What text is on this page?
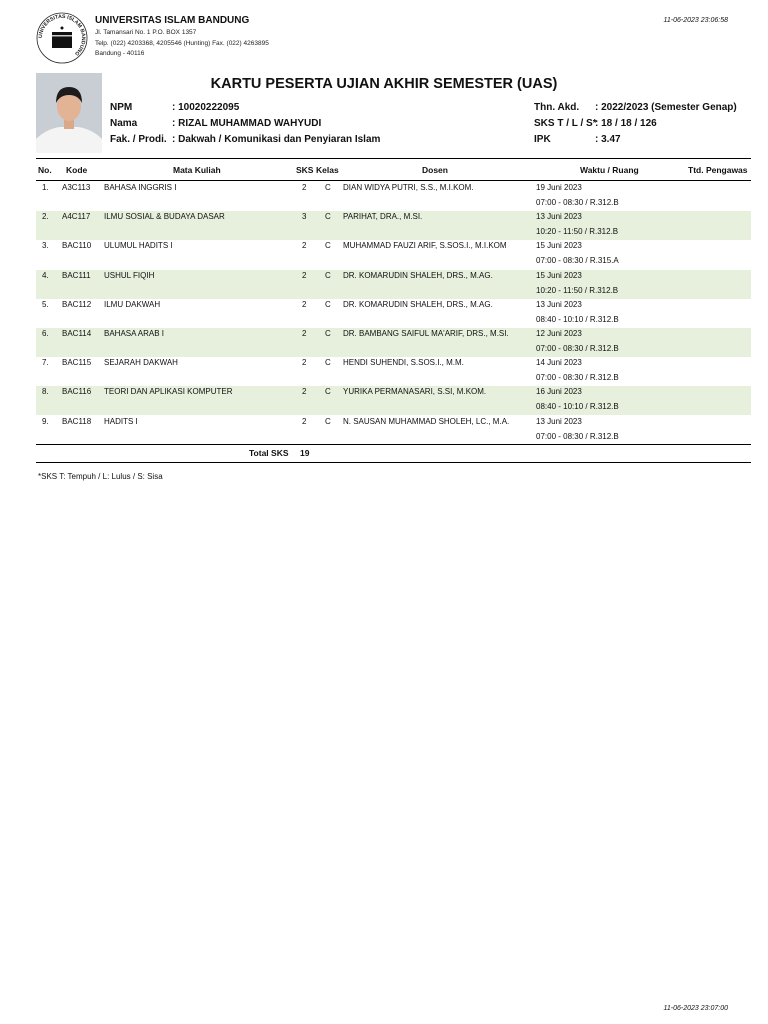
UNIVERSITAS ISLAM BANDUNG
UNIVERSITAS ISLAM BANDUNG
Jl. Tamansari No. 1 P.O. BOX 1357
Telp. (022) 4203368, 4205546 (Hunting) Fax. (022) 4263895
Bandung - 40116
11-06-2023 23:06:58
KARTU PESERTA UJIAN AKHIR SEMESTER (UAS)
NPM	: 10020222095
Nama	: RIZAL MUHAMMAD WAHYUDI
Fak. / Prodi. : Dakwah / Komunikasi dan Penyiaran Islam
Thn. Akd. : 2022/2023 (Semester Genap)
SKS T / L / S*
: 18 / 18 / 126
IPK	: 3.47
No. Kode	Mata Kuliah	SKS Kelas	Dosen	Waktu / Ruang	Ttd. Pengawas
1. A3C113 BAHASA INGGRIS I	2 C DIAN WIDYA PUTRI, S.S., M.I.KOM.	19 Juni 2023
07:00 - 08:30 / R.312.B
2. A4C117 ILMU SOSIAL & BUDAYA DASAR	3 C PARIHAT, DRA., M.SI.	13 Juni 2023
10:20 - 11:50 / R.312.B
3. BAC110 ULUMUL HADITS I	2 C MUHAMMAD FAUZI ARIF, S.SOS.I., M.I.KOM	15 Juni 2023
07:00 - 08:30 / R.315.A
4. BAC111 USHUL FIQIH	2 C DR. KOMARUDIN SHALEH, DRS., M.AG.	15 Juni 2023
10:20 - 11:50 / R.312.B
5. BAC112 ILMU DAKWAH	2 C DR. KOMARUDIN SHALEH, DRS., M.AG.	13 Juni 2023
08:40 - 10:10 / R.312.B
6. BAC114 BAHASA ARAB I	2 C DR. BAMBANG SAIFUL MA'ARIF, DRS., M.SI.	12 Juni 2023
07:00 - 08:30 / R.312.B
7. BAC115 SEJARAH DAKWAH	2 C HENDI SUHENDI, S.SOS.I., M.M.	14 Juni 2023
07:00 - 08:30 / R.312.B
8. BAC116 TEORI DAN APLIKASI KOMPUTER	2 C YURIKA PERMANASARI, S.SI, M.KOM.	16 Juni 2023
08:40 - 10:10 / R.312.B
9. BAC118 HADITS I	2 C N. SAUSAN MUHAMMAD SHOLEH, LC., M.A.	13 Juni 2023
07:00 - 08:30 / R.312.B
Total SKS 19
*SKS T: Tempuh / L: Lulus / S: Sisa
11-06-2023 23:07:00
